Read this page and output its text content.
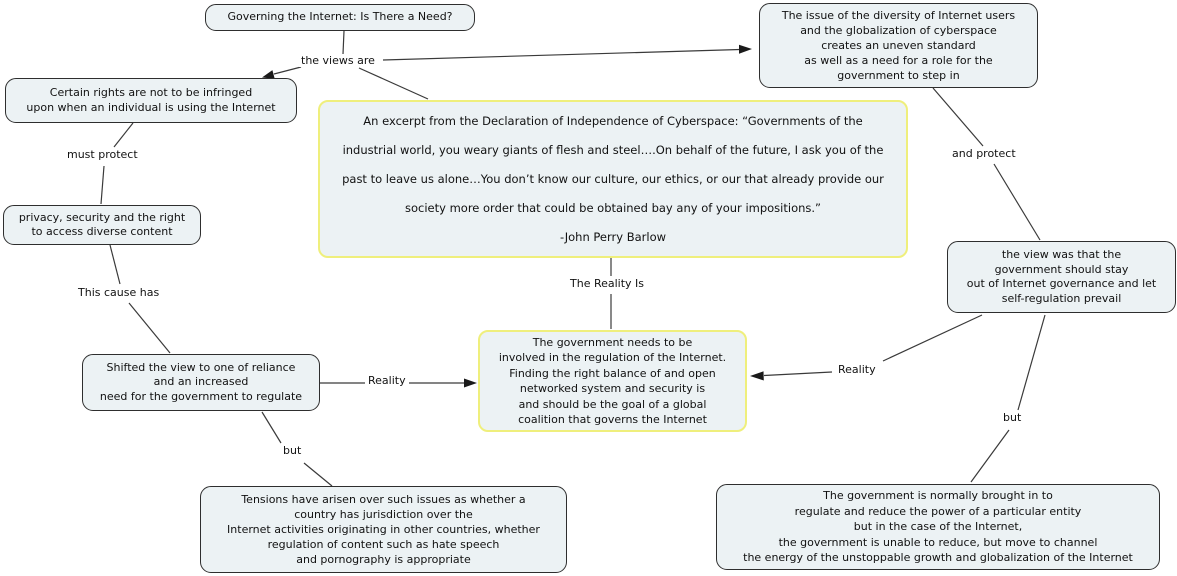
Governing the Internet: Is There a Need?	The issue of the diversity of Internet users
and the globalization of cyberspace
creates an uneven standard
as well as a need for a role for the
government to step in
Certain rights are not to be infringed
upon when an individual is using the Internet
An excerpt from the Declaration of Independence of Cyberspace: “Governments of the
industrial world, you weary giants of flesh and steel….On behalf of the future, I ask you of the
past to leave us alone…You don’t know our culture, our ethics, or our that already provide our
society more order that could be obtained bay any of your impositions.”
-John Perry Barlow
privacy, security and the right
to access diverse content
the view was that the
government should stay
out of Internet governance and let
self-regulation prevail
Shifted the view to one of reliance
and an increased
need for the government to regulate
The government needs to be
involved in the regulation of the Internet.
Finding the right balance of and open
networked system and security is
and should be the goal of a global
coalition that governs the Internet
Tensions have arisen over such issues as whether a
country has jurisdiction over the
Internet activities originating in other countries, whether
regulation of content such as hate speech
and pornography is appropriate
The government is normally brought in to
regulate and reduce the power of a particular entity
but in the case of the Internet,
the government is unable to reduce, but move to channel
the energy of the unstoppable growth and globalization of the Internet
the views are
must protect	and protect
This cause has
The Reality Is
Reality
Reality
but
but
